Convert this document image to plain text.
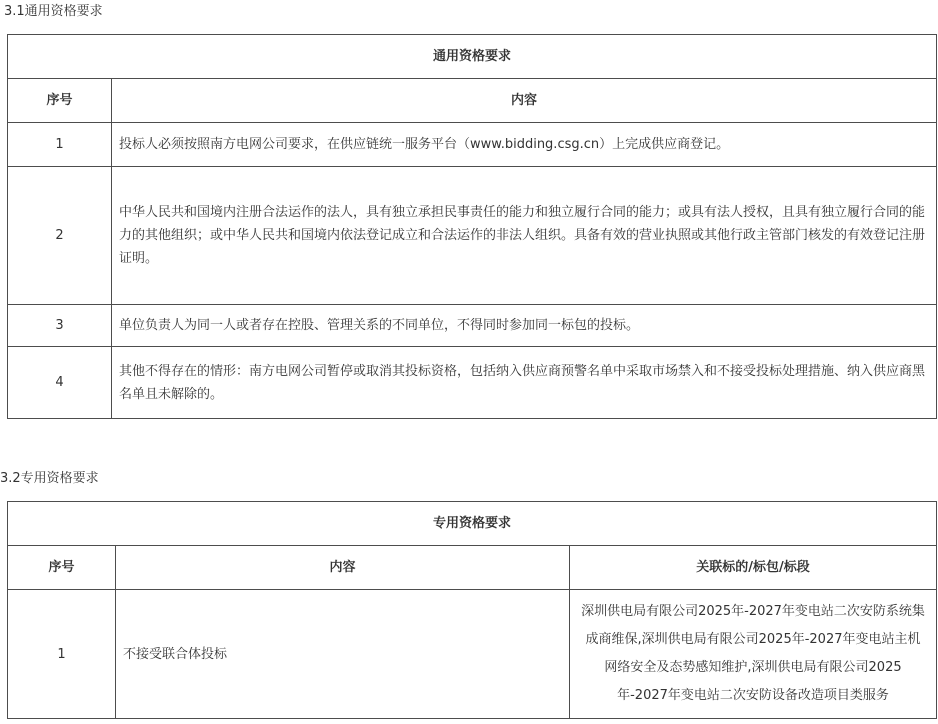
3.1通用资格要求
通用资格要求	
序号	内容
1	投标人必须按照南方电网公司要求，在供应链统一服务平台（www.bidding.csg.cn）上完成供应商登记。
2	中华人民共和国境内注册合法运作的法人，具有独立承担民事责任的能力和独立履行合同的能力；或具有法人授权，且具有独立履行合同的能力的其他组织；或中华人民共和国境内依法登记成立和合法运作的非法人组织。具备有效的营业执照或其他行政主管部门核发的有效登记注册证明。
3	单位负责人为同一人或者存在控股、管理关系的不同单位，不得同时参加同一标包的投标。
4	其他不得存在的情形：南方电网公司暂停或取消其投标资格，包括纳入供应商预警名单中采取市场禁入和不接受投标处理措施、纳入供应商黑名单且未解除的。
3.2专用资格要求
专用资格要求		
序号	内容	关联标的/标包/标段
1	不接受联合体投标	深圳供电局有限公司2025年-2027年变电站二次安防系统集成商维保,深圳供电局有限公司2025年-2027年变电站主机网络安全及态势感知维护,深圳供电局有限公司2025年-2027年变电站二次安防设备改造项目类服务
